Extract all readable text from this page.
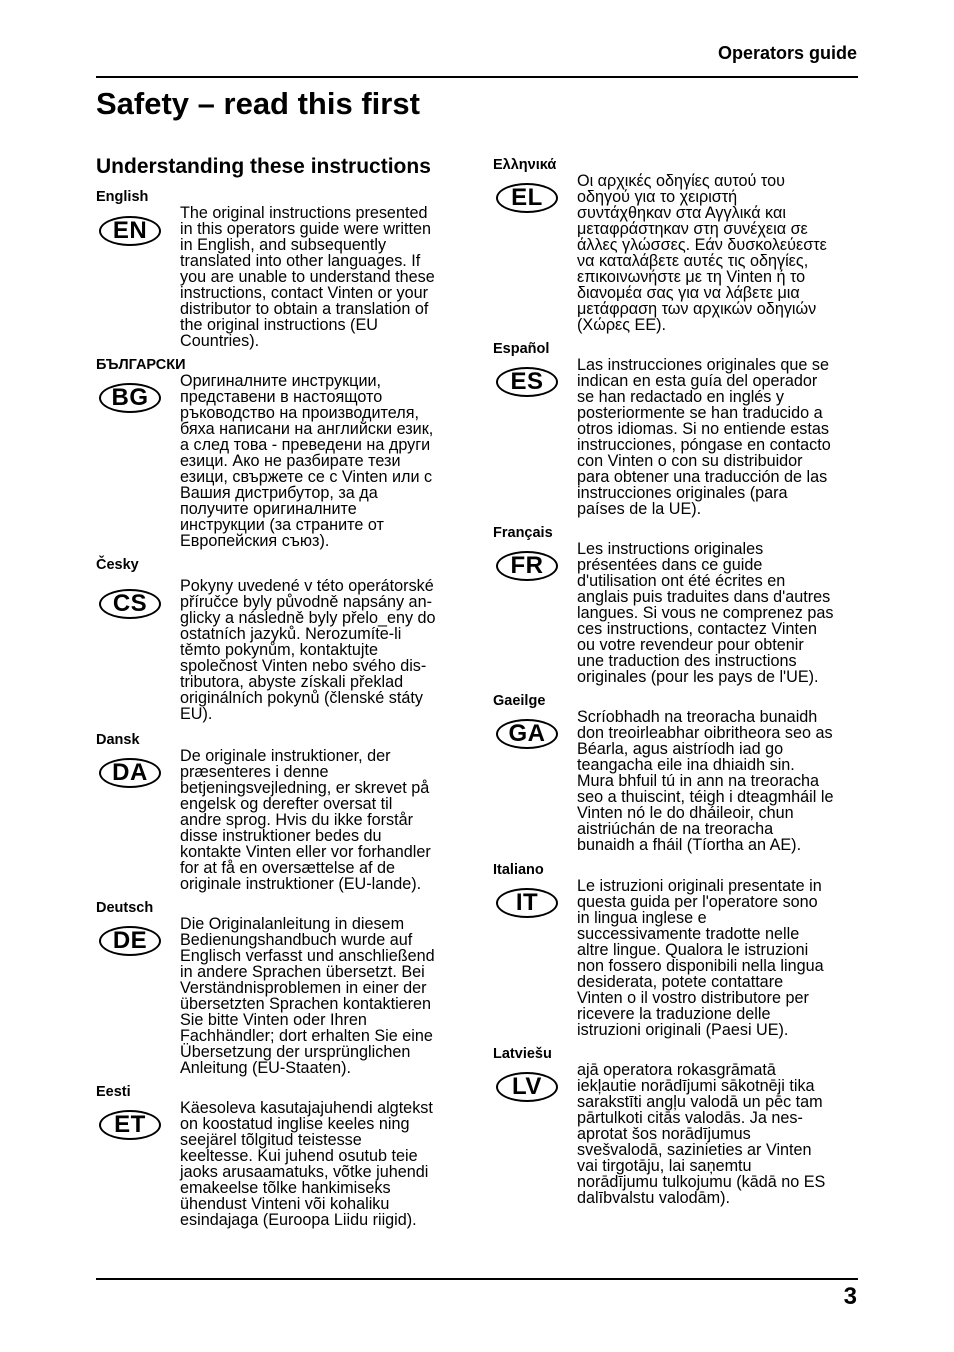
Operators guide
Safety – read this first
Understanding these instructions
English
EN
The original instructions presented
in this operators guide were written
in English, and subsequently
translated into other languages. If
you are unable to understand these
instructions, contact Vinten or your
distributor to obtain a translation of
the original instructions (EU
Countries).
БЪЛГАРСКИ
BG
Оригиналните инструкции,
представени в настоящото
ръководство на производителя,
бяха написани на английски език,
а след това - преведени на други
езици. Ако не разбирате тези
езици, свържете се с Vinten или с
Вашия дистрибутор, за да
получите оригиналните
инструкции (за страните от
Европейския съюз).
Česky
CS
Pokyny uvedené v této operátorské
příručce byly původně napsány an-
glicky a následně byly přelo_eny do
ostatních jazyků. Nerozumíte-li
těmto pokynům, kontaktujte
společnost Vinten nebo svého dis-
tributora, abyste získali překlad
originálních pokynů (členské státy
EU).
Dansk
DA
De originale instruktioner, der
præsenteres i denne
betjeningsvejledning, er skrevet på
engelsk og derefter oversat til
andre sprog. Hvis du ikke forstår
disse instruktioner bedes du
kontakte Vinten eller vor forhandler
for at få en oversættelse af de
originale instruktioner (EU-lande).
Deutsch
DE
Die Originalanleitung in diesem
Bedienungshandbuch wurde auf
Englisch verfasst und anschließend
in andere Sprachen übersetzt. Bei
Verständnisproblemen in einer der
übersetzten Sprachen kontaktieren
Sie bitte Vinten oder Ihren
Fachhändler; dort erhalten Sie eine
Übersetzung der ursprünglichen
Anleitung (EU-Staaten).
Eesti
ET
Käesoleva kasutajajuhendi algtekst
on koostatud inglise keeles ning
seejärel tõlgitud teistesse
keeltesse. Kui juhend osutub teie
jaoks arusaamatuks, võtke juhendi
emakeelse tõlke hankimiseks
ühendust Vinteni või kohaliku
esindajaga (Euroopa Liidu riigid).
Ελληνικά
EL
Οι αρχικές οδηγίες αυτού του
οδηγού για το χειριστή
συντάχθηκαν στα Αγγλικά και
μεταφράστηκαν στη συνέχεια σε
άλλες γλώσσες. Εάν δυσκολεύεστε
να καταλάβετε αυτές τις οδηγίες,
επικοινωνήστε με τη Vinten ή το
διανομέα σας για να λάβετε μια
μετάφραση των αρχικών οδηγιών
(Χώρες ΕΕ).
Español
ES
Las instrucciones originales que se
indican en esta guía del operador
se han redactado en inglés y
posteriormente se han traducido a
otros idiomas. Si no entiende estas
instrucciones, póngase en contacto
con Vinten o con su distribuidor
para obtener una traducción de las
instrucciones originales (para
países de la UE).
Français
FR
Les instructions originales
présentées dans ce guide
d'utilisation ont été écrites en
anglais puis traduites dans d'autres
langues. Si vous ne comprenez pas
ces instructions, contactez Vinten
ou votre revendeur pour obtenir
une traduction des instructions
originales (pour les pays de l'UE).
Gaeilge
GA
Scríobhadh na treoracha bunaidh
don treoirleabhar oibritheora seo as
Béarla, agus aistríodh iad go
teangacha eile ina dhiaidh sin.
Mura bhfuil tú in ann na treoracha
seo a thuiscint, téigh i dteagmháil le
Vinten nó le do dháileoir, chun
aistriúchán de na treoracha
bunaidh a fháil (Tíortha an AE).
Italiano
IT
Le istruzioni originali presentate in
questa guida per l'operatore sono
in lingua inglese e
successivamente tradotte nelle
altre lingue. Qualora le istruzioni
non fossero disponibili nella lingua
desiderata, potete contattare
Vinten o il vostro distributore per
ricevere la traduzione delle
istruzioni originali (Paesi UE).
Latviešu
LV
ajā operatora rokasgrāmatā
iekļautie norādījumi sākotnēji tika
sarakstīti angļu valodā un pēc tam
pārtulkoti citās valodās. Ja nes-
aprotat šos norādījumus
svešvalodā, sazinieties ar Vinten
vai tirgotāju, lai saņemtu
norādījumu tulkojumu (kādā no ES
dalībvalstu valodām).
3
